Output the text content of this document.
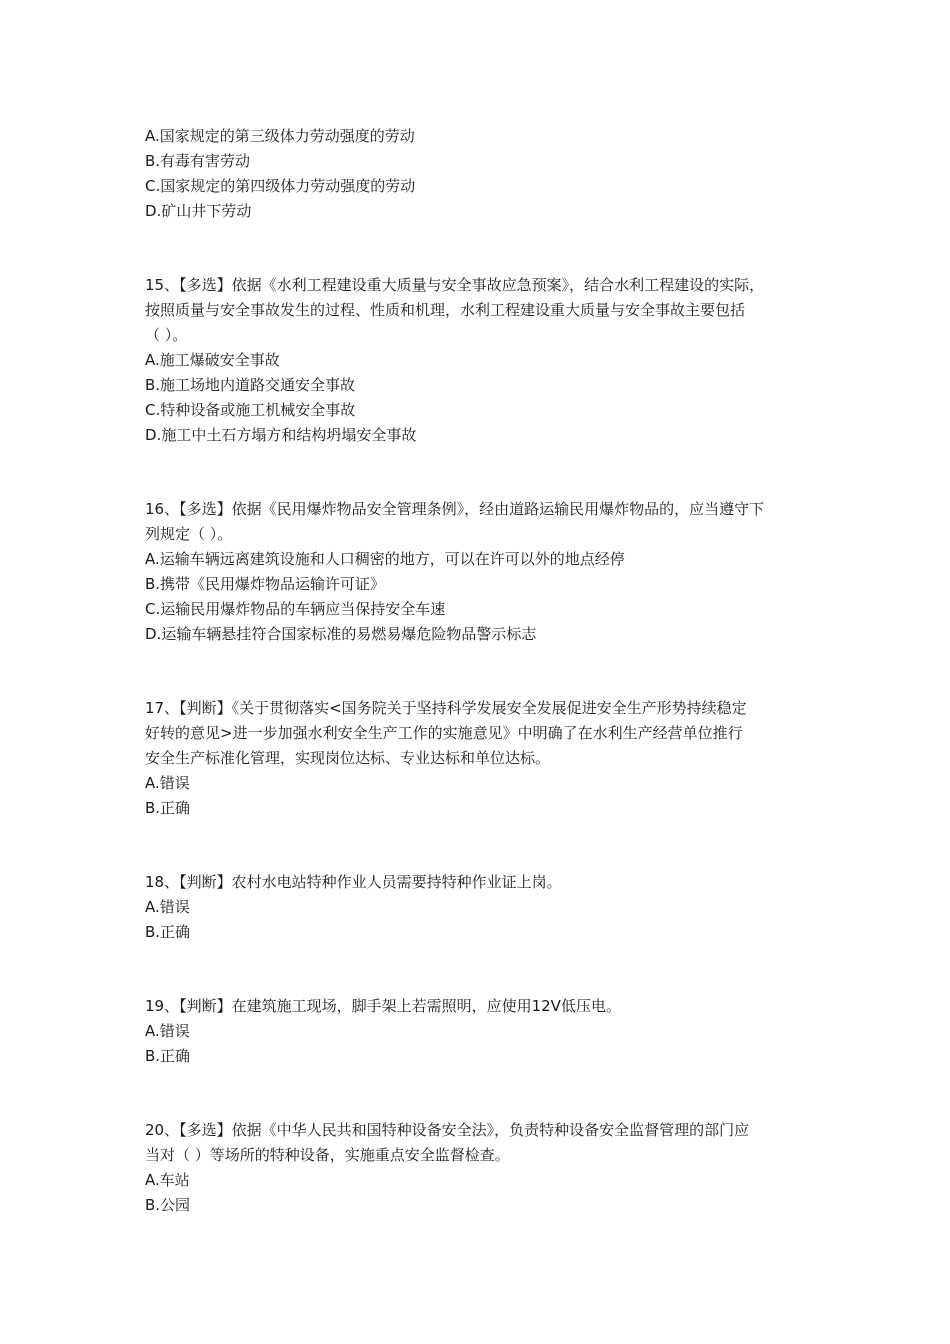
A.国家规定的第三级体力劳动强度的劳动
B.有毒有害劳动
C.国家规定的第四级体力劳动强度的劳动
D.矿山井下劳动
15、【多选】依据《水利工程建设重大质量与安全事故应急预案》，结合水利工程建设的实际，
按照质量与安全事故发生的过程、性质和机理，水利工程建设重大质量与安全事故主要包括
（ ）。
A.施工爆破安全事故
B.施工场地内道路交通安全事故
C.特种设备或施工机械安全事故
D.施工中土石方塌方和结构坍塌安全事故
16、【多选】依据《民用爆炸物品安全管理条例》，经由道路运输民用爆炸物品的，应当遵守下
列规定（ ）。
A.运输车辆远离建筑设施和人口稠密的地方，可以在许可以外的地点经停
B.携带《民用爆炸物品运输许可证》
C.运输民用爆炸物品的车辆应当保持安全车速
D.运输车辆悬挂符合国家标准的易燃易爆危险物品警示标志
17、【判断】《关于贯彻落实<国务院关于坚持科学发展安全发展促进安全生产形势持续稳定
好转的意见>进一步加强水利安全生产工作的实施意见》中明确了在水利生产经营单位推行
安全生产标准化管理，实现岗位达标、专业达标和单位达标。
A.错误
B.正确
18、【判断】农村水电站特种作业人员需要持特种作业证上岗。
A.错误
B.正确
19、【判断】在建筑施工现场，脚手架上若需照明，应使用12V低压电。
A.错误
B.正确
20、【多选】依据《中华人民共和国特种设备安全法》，负责特种设备安全监督管理的部门应
当对（ ）等场所的特种设备，实施重点安全监督检查。
A.车站
B.公园
